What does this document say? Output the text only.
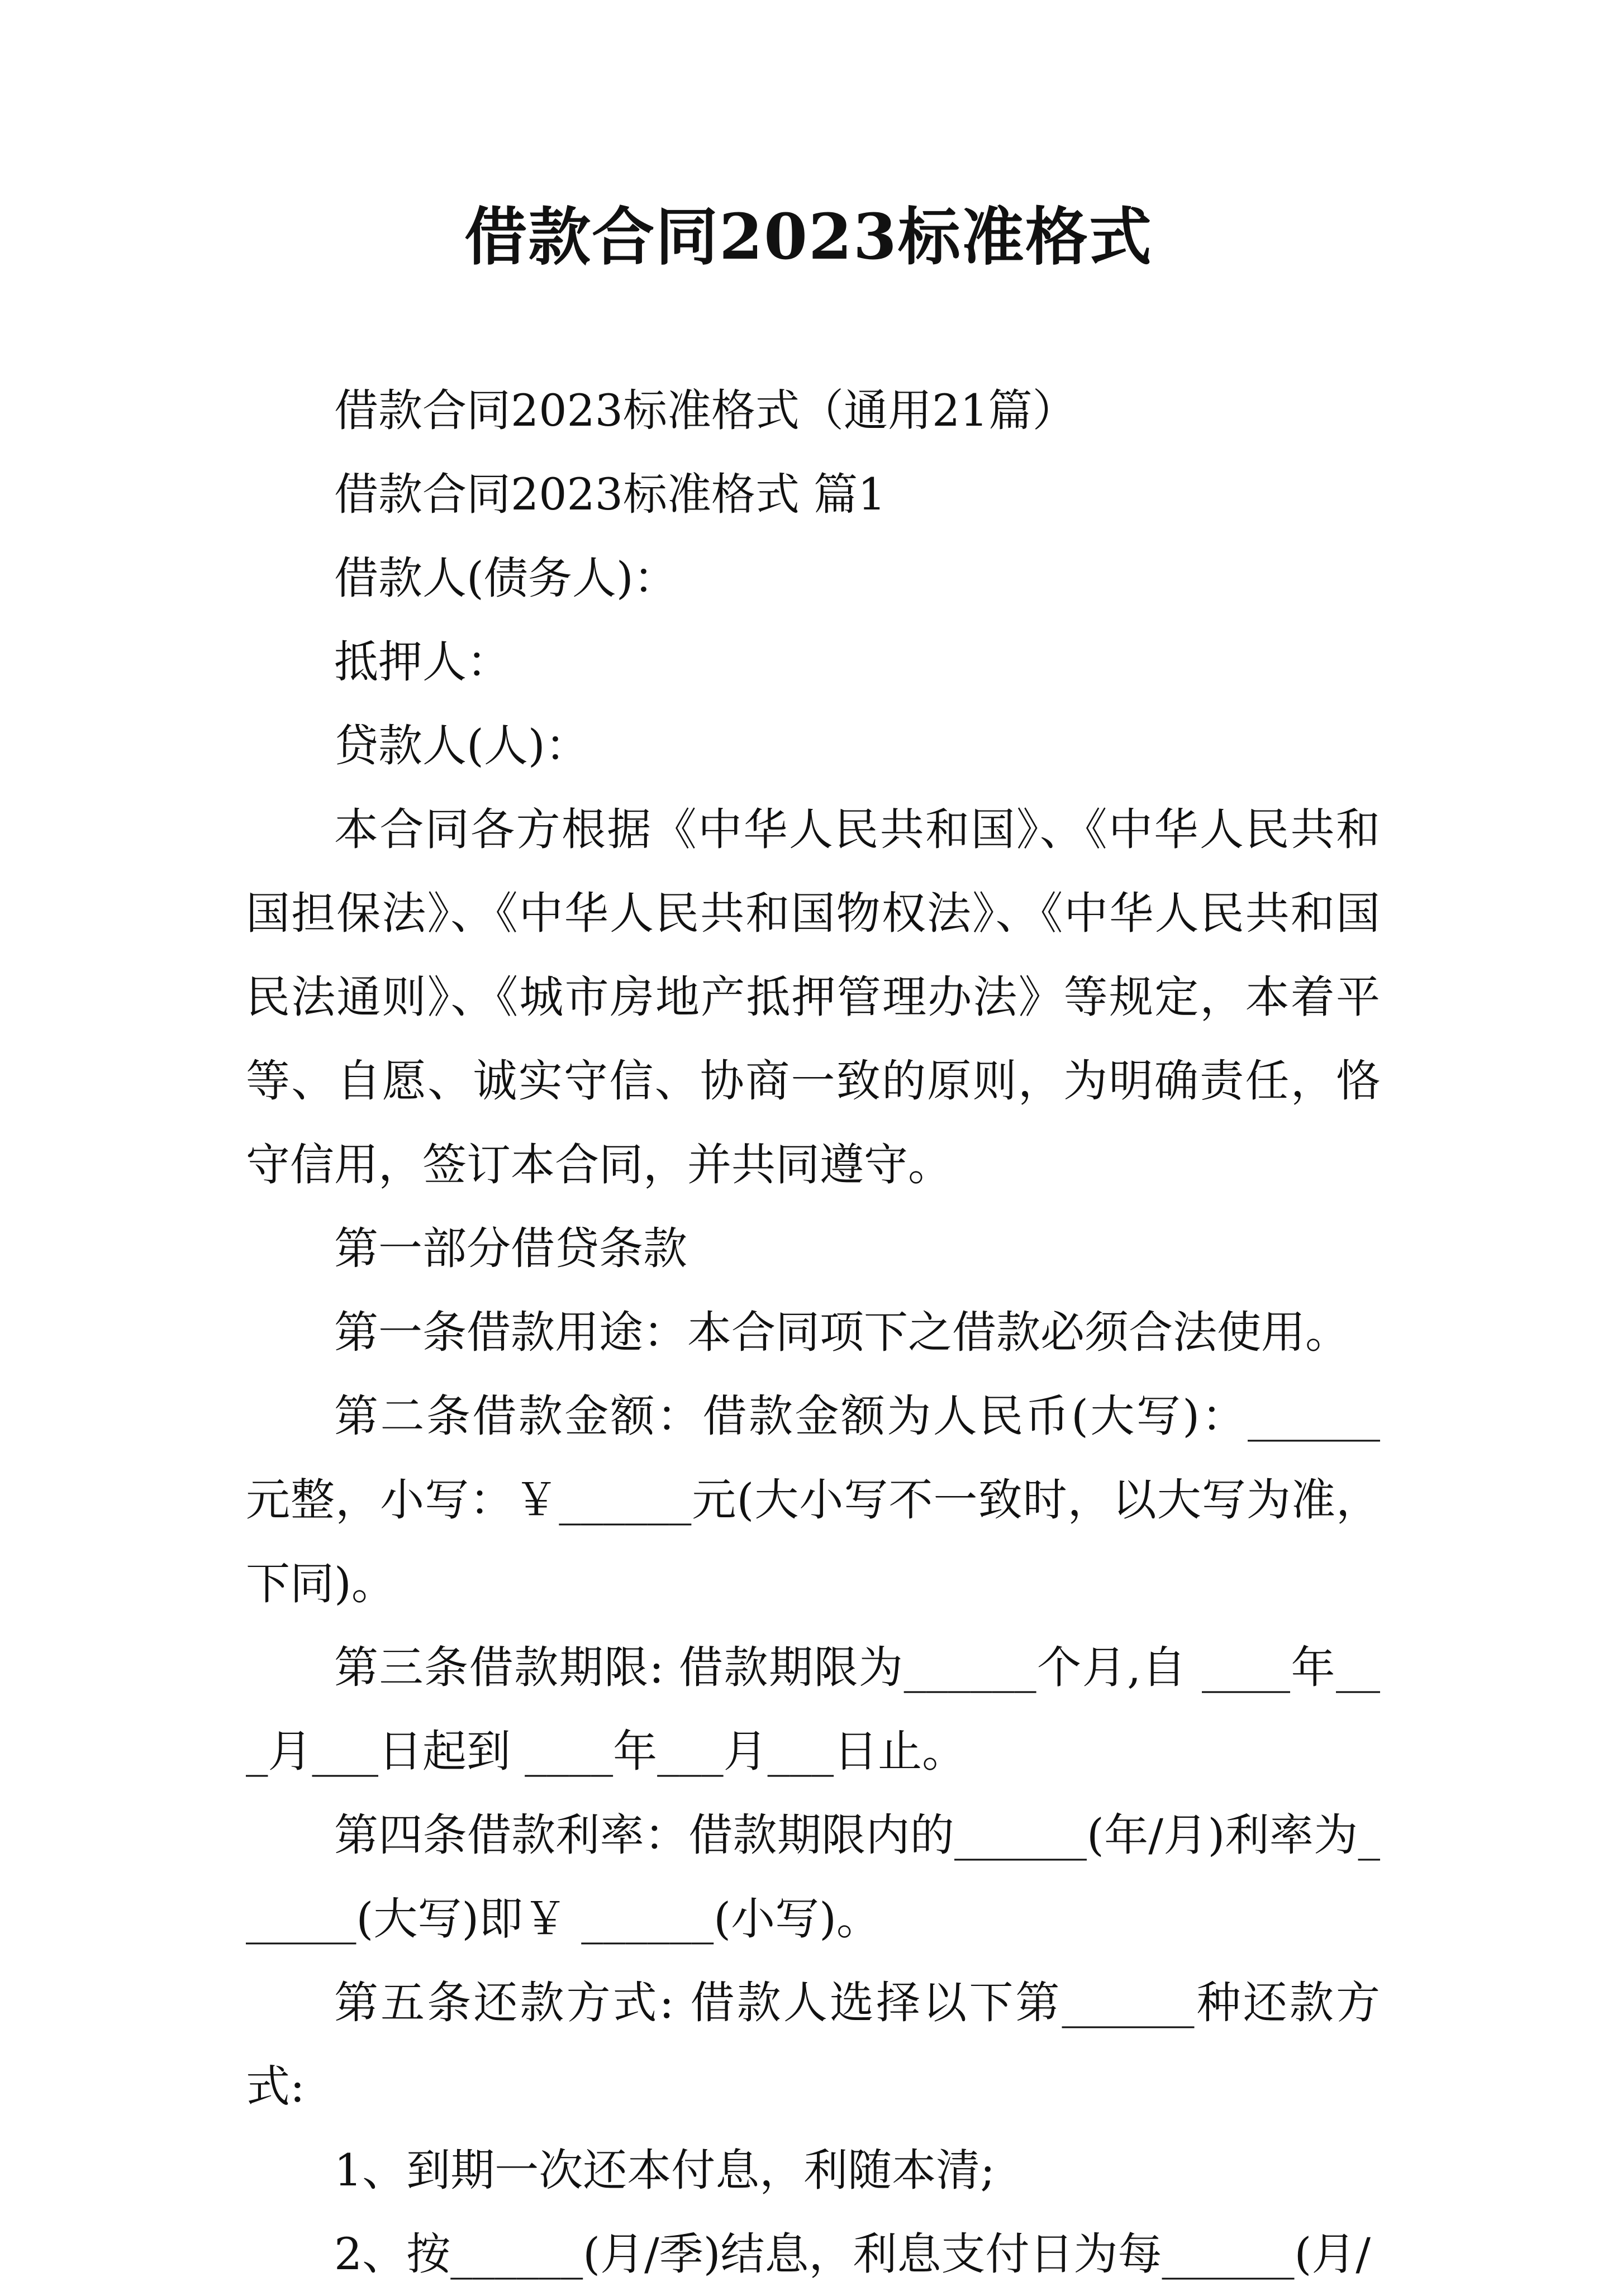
借款合同2023标准格式

借款合同2023标准格式（通用21篇）

借款合同2023标准格式 篇1

借款人(债务人)：

抵押人：

贷款人(人)：

本合同各方根据《中华人民共和国》、《中华人民共和国担保法》、《中华人民共和国物权法》、《中华人民共和国民法通则》、《城市房地产抵押管理办法》等规定，本着平等、自愿、诚实守信、协商一致的原则，为明确责任，恪守信用，签订本合同，并共同遵守。

第一部分借贷条款

第一条借款用途：本合同项下之借款必须合法使用。

第二条借款金额：借款金额为人民币(大写)：______元整，小写：￥______元(大小写不一致时，以大写为准，下同)。

第三条借款期限: 借款期限为______个月,自 ____年___月___日起到 ____年___月___日止。

第四条借款利率：借款期限内的______(年/月)利率为______(大写)即￥ ______(小写)。

第五条还款方式: 借款人选择以下第______种还款方式:

1、到期一次还本付息，利随本清;

2、按______(月/季)结息，利息支付日为每______(月/
